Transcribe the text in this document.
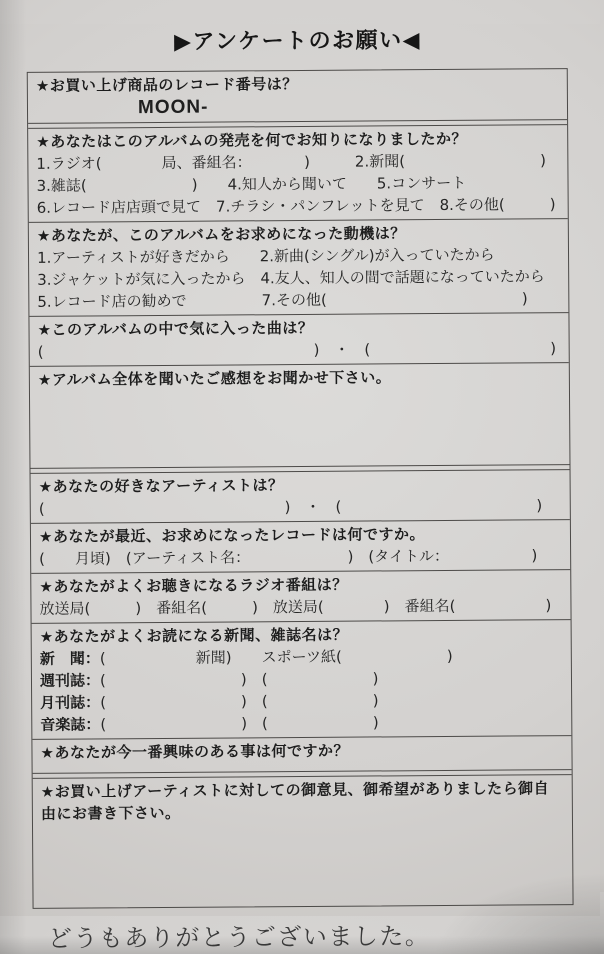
▶アンケートのお願い◀
★お買い上げ商品のレコード番号は？
MOON-
★あなたはこのアルバムの発売を何でお知りになりましたか？
1.ラジオ(　　　　局、番組名：　　　　)　　　2.新聞(　　　　　　　　　)
3.雑誌(　　　　　　　)　　4.知人から聞いて　　5.コンサート
6.レコード店店頭で見て　7.チラシ・パンフレットを見て　8.その他(　　　)
★あなたが、このアルバムをお求めになった動機は？
1.アーティストが好きだから　　2.新曲(シングル)が入っていたから
3.ジャケットが気に入ったから　4.友人、知人の間で話題になっていたから
5.レコード店の勧めで　　　　　7.その他(　　　　　　　　　　　　　)
★このアルバムの中で気に入った曲は？
(　　　　　　　　　　　　　　　　　　)　・　(　　　　　　　　　　　　)
★アルバム全体を聞いたご感想をお聞かせ下さい。
★あなたの好きなアーティストは？
(　　　　　　　　　　　　　　　　)　・　(　　　　　　　　　　　　　)
★あなたが最近、お求めになったレコードは何ですか。
(　　月頃)　(アーティスト名：　　　　　　　)　(タイトル：　　　　　　)
★あなたがよくお聴きになるラジオ番組は？
放送局(　　　)　番組名(　　　)　放送局(　　　　)　番組名(　　　　　　)
★あなたがよくお読になる新聞、雑誌名は？
新　聞： (　　　　　　新聞)　　スポーツ紙(　　　　　　　)
週刊誌： (　　　　　　　　　)　(　　　　　　　)
月刊誌： (　　　　　　　　　)　(　　　　　　　)
音楽誌： (　　　　　　　　　)　(　　　　　　　)
★あなたが今一番興味のある事は何ですか？
★お買い上げアーティストに対しての御意見、御希望がありましたら御自由にお書き下さい。
どうもありがとうございました。
